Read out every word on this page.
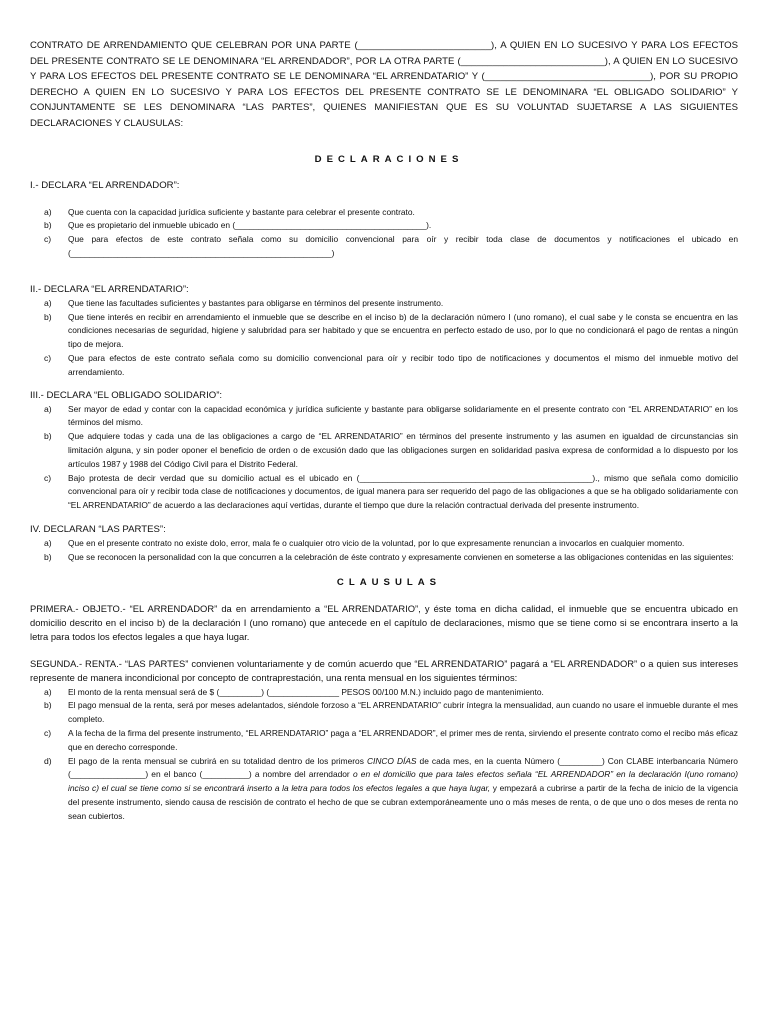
CONTRATO DE ARRENDAMIENTO QUE CELEBRAN POR UNA PARTE (_________________________), A QUIEN EN LO SUCESIVO Y PARA LOS EFECTOS DEL PRESENTE CONTRATO SE LE DENOMINARA “EL ARRENDADOR”, POR LA OTRA PARTE (___________________________), A QUIEN EN LO SUCESIVO Y PARA LOS EFECTOS DEL PRESENTE CONTRATO SE LE DENOMINARA “EL ARRENDATARIO” Y (_______________________________), POR SU PROPIO DERECHO A QUIEN EN LO SUCESIVO Y PARA LOS EFECTOS DEL PRESENTE CONTRATO SE LE DENOMINARA “EL OBLIGADO SOLIDARIO” Y CONJUNTAMENTE SE LES DENOMINARA “LAS PARTES”, QUIENES MANIFIESTAN QUE ES SU VOLUNTAD SUJETARSE A LAS SIGUIENTES DECLARACIONES Y CLAUSULAS:

DECLARACIONES

I.- DECLARA “EL ARRENDADOR”:

a) Que cuenta con la capacidad jurídica suficiente y bastante para celebrar el presente contrato.
b) Que es propietario del inmueble ubicado en (_________________________________________).
c) Que para efectos de este contrato señala como su domicilio convencional para oír y recibir toda clase de documentos y notificaciones el ubicado en (________________________________________________________)

II.- DECLARA “EL ARRENDATARIO”:

a) Que tiene las facultades suficientes y bastantes para obligarse en términos del presente instrumento.
b) Que tiene interés en recibir en arrendamiento el inmueble que se describe en el inciso b) de la declaración número I (uno romano), el cual sabe y le consta se encuentra en las condiciones necesarias de seguridad, higiene y salubridad para ser habitado y que se encuentra en perfecto estado de uso, por lo que no condicionará el pago de rentas a ningún tipo de mejora.
c) Que para efectos de este contrato señala como su domicilio convencional para oír y recibir todo tipo de notificaciones y documentos el mismo del inmueble motivo del arrendamiento.

III.- DECLARA “EL OBLIGADO SOLIDARIO”:

a) Ser mayor de edad y contar con la capacidad económica y jurídica suficiente y bastante para obligarse solidariamente en el presente contrato con “EL ARRENDATARIO” en los términos del mismo.
b) Que adquiere todas y cada una de las obligaciones a cargo de “EL ARRENDATARIO” en términos del presente instrumento y las asumen en igualdad de circunstancias sin limitación alguna, y sin poder oponer el beneficio de orden o de excusión dado que las obligaciones surgen en solidaridad pasiva expresa de conformidad a lo dispuesto por los artículos 1987 y 1988 del Código Civil para el Distrito Federal.
c) Bajo protesta de decir verdad que su domicilio actual es el ubicado en (__________________________________________________)., mismo que señala como domicilio convencional para oír y recibir toda clase de notificaciones y documentos, de igual manera para ser requerido del pago de las obligaciones a que se ha obligado solidariamente con “EL ARRENDATARIO” de acuerdo a las declaraciones aquí vertidas, durante el tiempo que dure la relación contractual derivada del presente instrumento.

IV. DECLARAN “LAS PARTES”:

a) Que en el presente contrato no existe dolo, error, mala fe o cualquier otro vicio de la voluntad, por lo que expresamente renuncian a invocarlos en cualquier momento.
b) Que se reconocen la personalidad con la que concurren a la celebración de éste contrato y expresamente convienen en someterse a las obligaciones contenidas en las siguientes:

CLAUSULAS

PRIMERA.- OBJETO.- “EL ARRENDADOR” da en arrendamiento a “EL ARRENDATARIO”, y éste toma en dicha calidad, el inmueble que se encuentra ubicado en domicilio descrito en el inciso b) de la declaración I (uno romano) que antecede en el capítulo de declaraciones, mismo que se tiene como si se encontrara inserto a la letra para todos los efectos legales a que haya lugar.

SEGUNDA.- RENTA.- “LAS PARTES” convienen voluntariamente y de común acuerdo que “EL ARRENDATARIO” pagará a “EL ARRENDADOR” o a quien sus intereses represente de manera incondicional por concepto de contraprestación, una renta mensual en los siguientes términos:

a) El monto de la renta mensual será de $ (_________) (_______________ PESOS 00/100 M.N.) incluido pago de mantenimiento.
b) El pago mensual de la renta, será por meses adelantados, siéndole forzoso a “EL ARRENDATARIO” cubrir íntegra la mensualidad, aun cuando no usare el inmueble durante el mes completo.
c) A la fecha de la firma del presente instrumento, “EL ARRENDATARIO” paga a “EL ARRENDADOR”, el primer mes de renta, sirviendo el presente contrato como el recibo más eficaz que en derecho corresponde.
d) El pago de la renta mensual se cubrirá en su totalidad dentro de los primeros CINCO DÍAS de cada mes, en la cuenta Número (_________) Con CLABE interbancaria Número (________________) en el banco (__________) a nombre del arrendador o en el domicilio que para tales efectos señala “EL ARRENDADOR” en la declaración I(uno romano) inciso c) el cual se tiene como si se encontrará inserto a la letra para todos los efectos legales a que haya lugar, y empezará a cubrirse a partir de la fecha de inicio de la vigencia del presente instrumento, siendo causa de rescisión de contrato el hecho de que se cubran extemporáneamente uno o más meses de renta, o de que uno o dos meses de renta no sean cubiertos.
